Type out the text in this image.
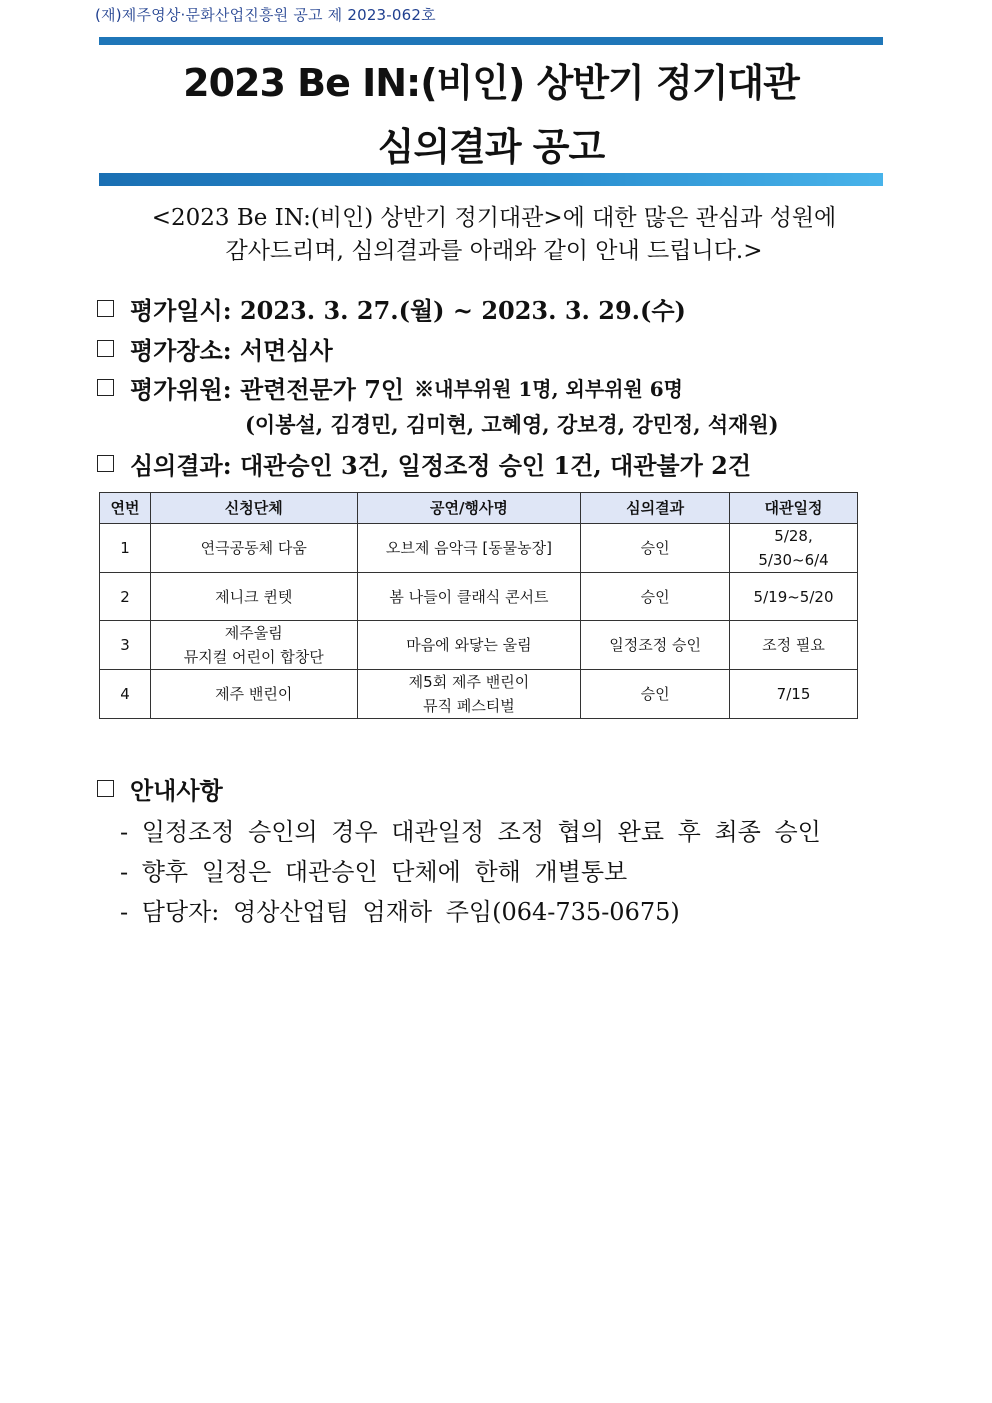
(재)제주영상·문화산업진흥원 공고 제 2023-062호
2023 Be IN:(비인) 상반기 정기대관
심의결과 공고
<2023 Be IN:(비인) 상반기 정기대관>에 대한 많은 관심과 성원에
감사드리며, 심의결과를 아래와 같이 안내 드립니다.>
평가일시: 2023. 3. 27.(월) ~ 2023. 3. 29.(수)
평가장소: 서면심사
평가위원: 관련전문가 7인 ※내부위원 1명, 외부위원 6명
(이봉설, 김경민, 김미현, 고혜영, 강보경, 강민정, 석재원)
심의결과: 대관승인 3건, 일정조정 승인 1건, 대관불가 2건
연번	신청단체	공연/행사명	심의결과	대관일정
1	연극공동체 다움	오브제 음악극 [동물농장]	승인	5/28,
5/30~6/4

2	제니크 퀸텟	봄 나들이 클래식 콘서트	승인	5/19~5/20

3	제주울림
뮤지컬 어린이 합창단	마음에 와닿는 울림	일정조정 승인	조정 필요

4	제주 밴린이	제5회 제주 밴린이
뮤직 페스티벌	승인	7/15
안내사항
- 일정조정 승인의 경우 대관일정 조정 협의 완료 후 최종 승인
- 향후 일정은 대관승인 단체에 한해 개별통보
- 담당자: 영상산업팀 엄재하 주임(064-735-0675)
